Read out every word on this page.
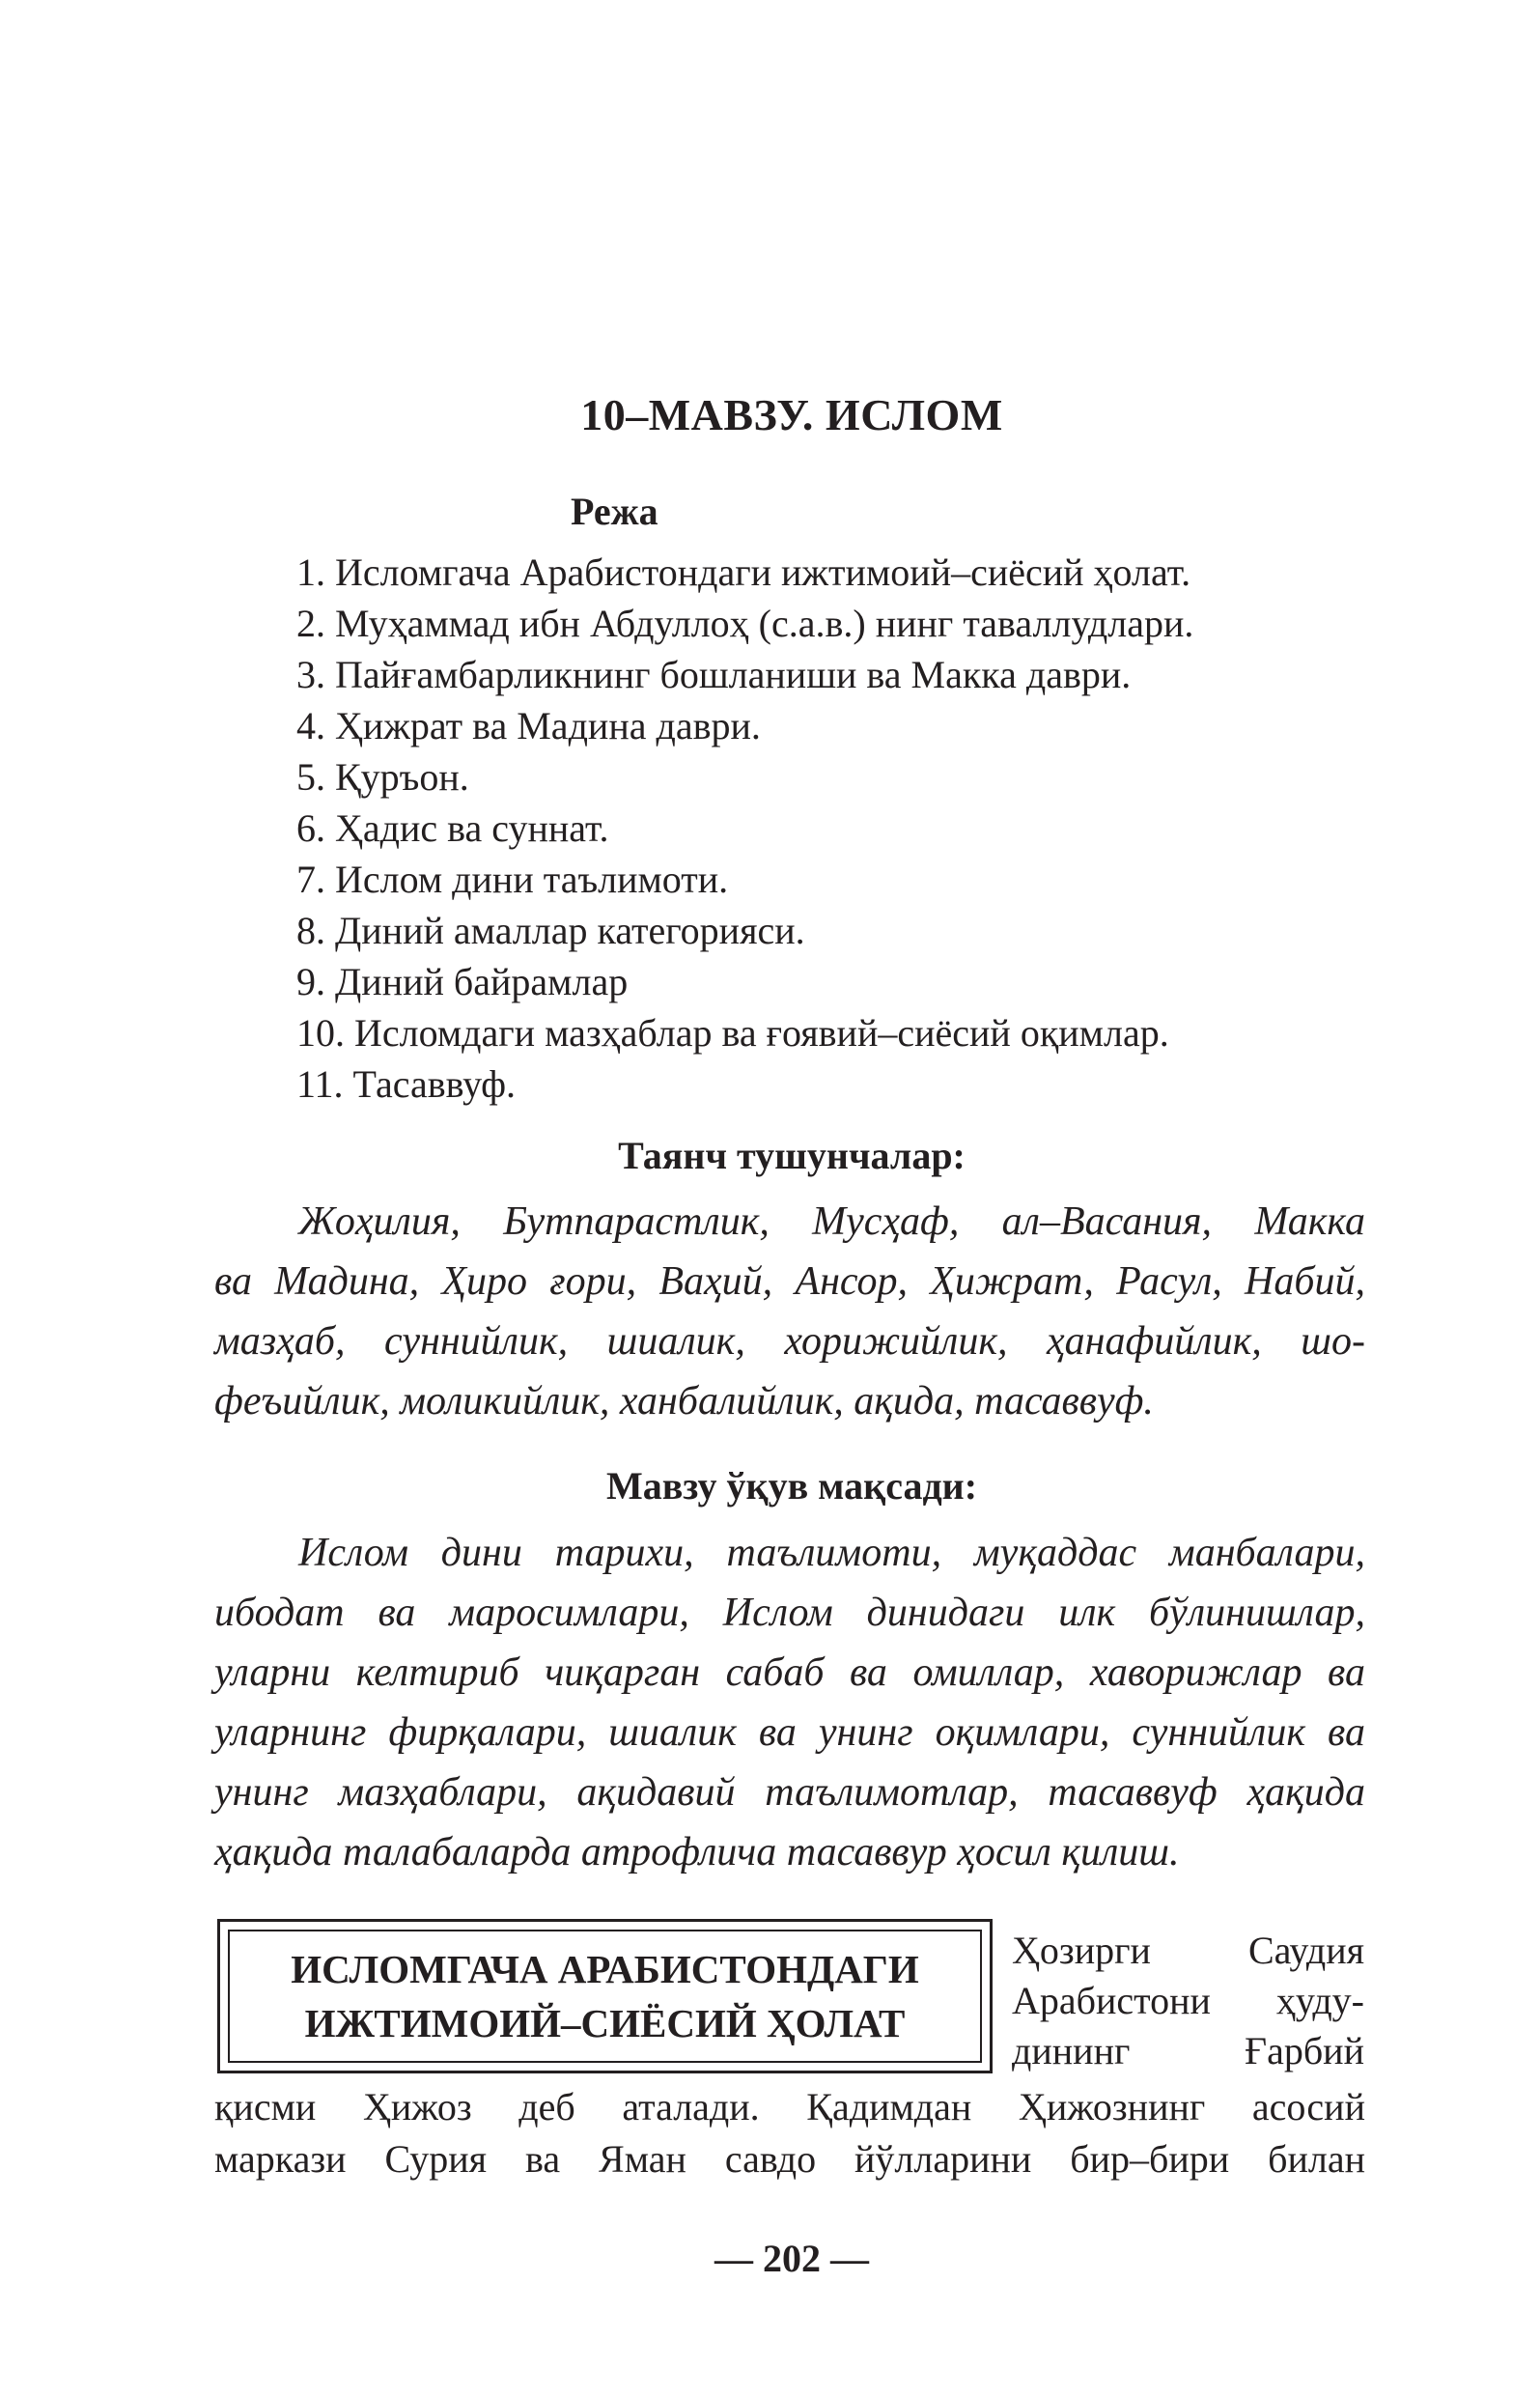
10–МАВЗУ. ИСЛОМ
Режа
1. Исломгача Арабистондаги ижтимоий–сиёсий ҳолат.
2. Муҳаммад ибн Абдуллоҳ (с.а.в.) нинг таваллудлари.
3. Пайғамбарликнинг бошланиши ва Макка даври.
4. Ҳижрат ва Мадина даври.
5. Қуръон.
6. Ҳадис ва суннат.
7. Ислом дини таълимоти.
8. Диний амаллар категорияси.
9. Диний байрамлар
10. Исломдаги мазҳаблар ва ғоявий–сиёсий оқимлар.
11. Тасаввуф.
Таянч тушунчалар:
Жоҳилия, Бутпарастлик, Мусҳаф, ал–Васания, Макка
ва Мадина, Ҳиро ғори, Ваҳий, Ансор, Ҳижрат, Расул, Набий,
мазҳаб, суннийлик, шиалик, хорижийлик, ҳанафийлик, шо-
феъийлик, моликийлик, ханбалийлик, ақида, тасаввуф.
Мавзу ўқув мақсади:
Ислом дини тарихи, таълимоти, муқаддас манбалари,
ибодат ва маросимлари, Ислом динидаги илк бўлинишлар,
уларни келтириб чиқарган сабаб ва омиллар, хаворижлар ва
уларнинг фирқалари, шиалик ва унинг оқимлари, суннийлик ва
унинг мазҳаблари, ақидавий таълимотлар, тасаввуф ҳақида
ҳақида талабаларда атрофлича тасаввур ҳосил қилиш.
ИСЛОМГАЧА АРАБИСТОНДАГИ
ИЖТИМОИЙ–СИЁСИЙ ҲОЛАТ
Ҳозирги Саудия
Арабистони ҳуду-
дининг Ғарбий
қисми Ҳижоз деб аталади. Қадимдан Ҳижознинг асосий
маркази Сурия ва Яман савдо йўлларини бир–бири билан
— 202 —
